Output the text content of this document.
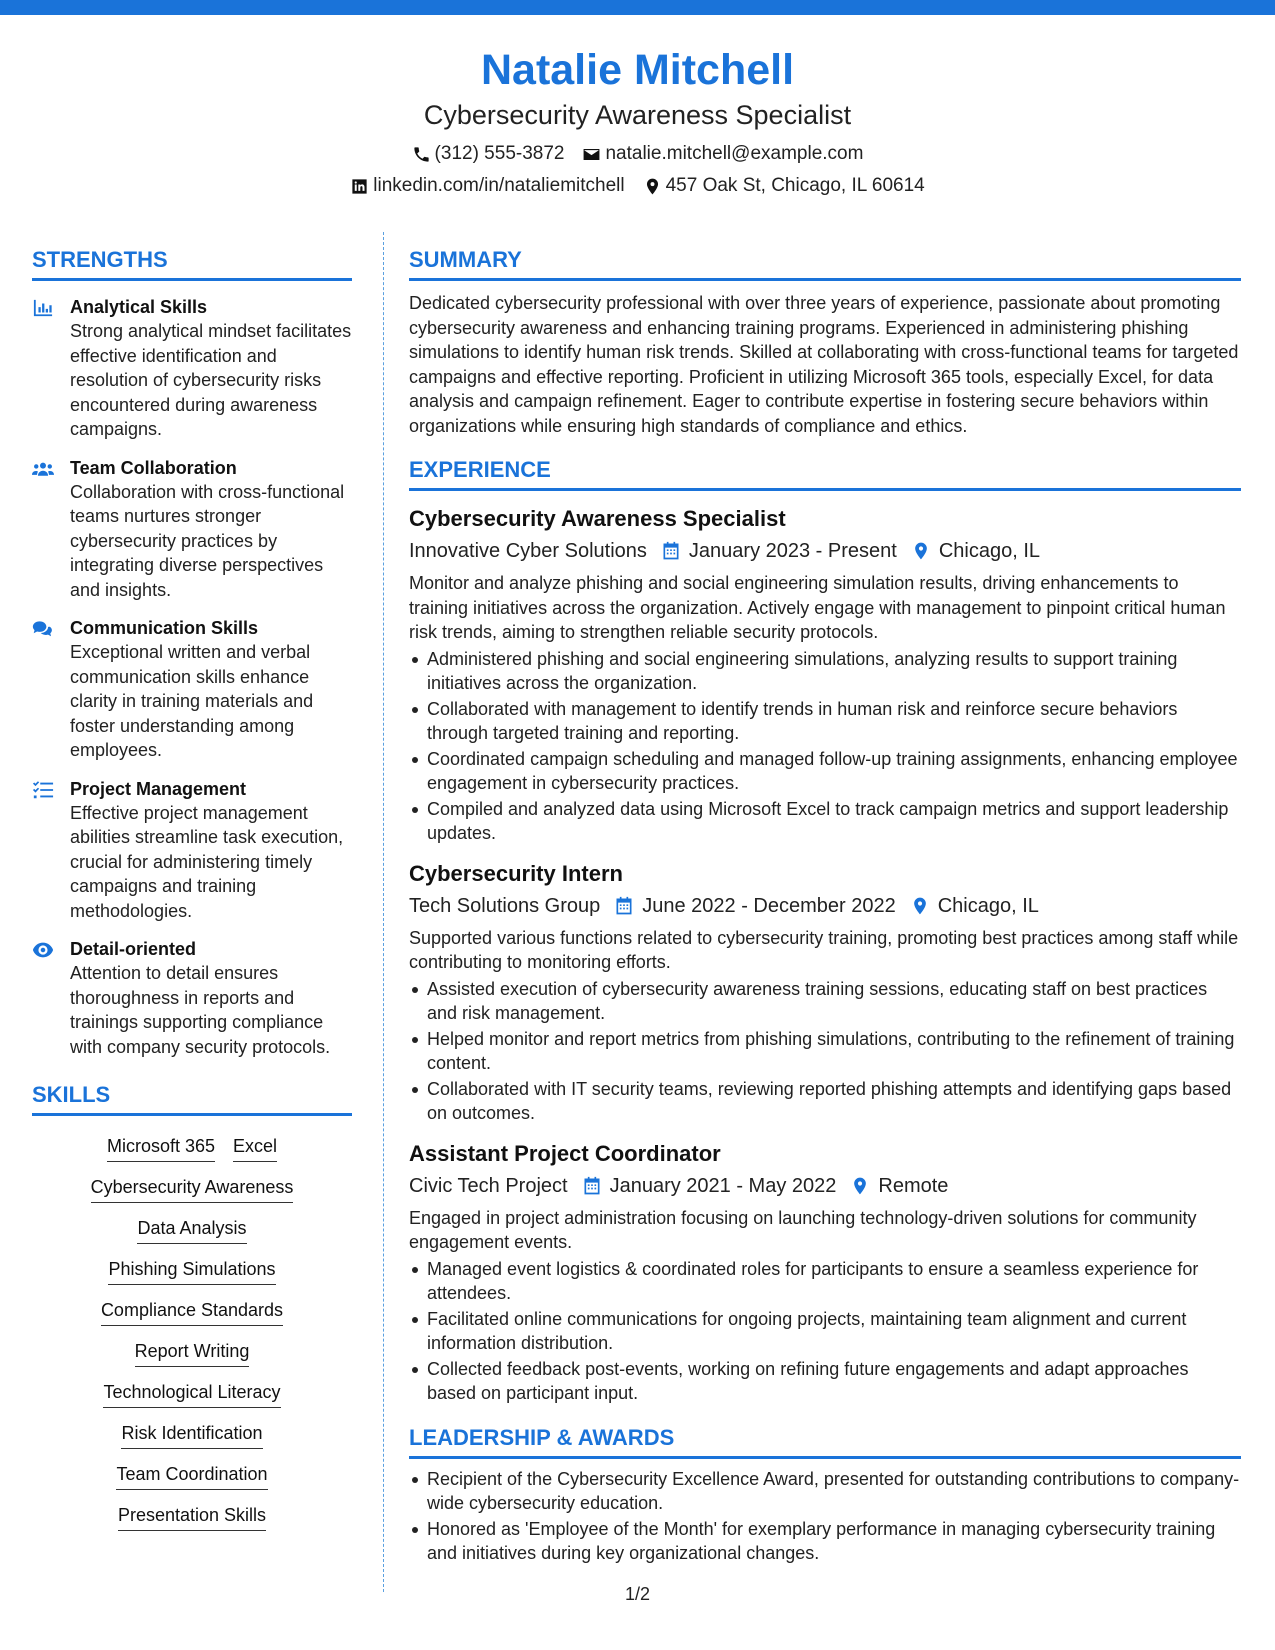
Natalie Mitchell
Cybersecurity Awareness Specialist
(312) 555-3872 natalie.mitchell@example.com
linkedin.com/in/nataliemitchell 457 Oak St, Chicago, IL 60614
STRENGTHS
Analytical Skills
Strong analytical mindset facilitates effective identification and resolution of cybersecurity risks encountered during awareness campaigns.
Team Collaboration
Collaboration with cross-functional teams nurtures stronger cybersecurity practices by integrating diverse perspectives and insights.
Communication Skills
Exceptional written and verbal communication skills enhance clarity in training materials and foster understanding among employees.
Project Management
Effective project management abilities streamline task execution, crucial for administering timely campaigns and training methodologies.
Detail-oriented
Attention to detail ensures thoroughness in reports and trainings supporting compliance with company security protocols.
SKILLS
Microsoft 365 Excel
Cybersecurity Awareness
Data Analysis
Phishing Simulations
Compliance Standards
Report Writing
Technological Literacy
Risk Identification
Team Coordination
Presentation Skills
SUMMARY
Dedicated cybersecurity professional with over three years of experience, passionate about promoting cybersecurity awareness and enhancing training programs. Experienced in administering phishing simulations to identify human risk trends. Skilled at collaborating with cross-functional teams for targeted campaigns and effective reporting. Proficient in utilizing Microsoft 365 tools, especially Excel, for data analysis and campaign refinement. Eager to contribute expertise in fostering secure behaviors within organizations while ensuring high standards of compliance and ethics.
EXPERIENCE
Cybersecurity Awareness Specialist
Innovative Cyber Solutions January 2023 - Present Chicago, IL
Monitor and analyze phishing and social engineering simulation results, driving enhancements to training initiatives across the organization. Actively engage with management to pinpoint critical human risk trends, aiming to strengthen reliable security protocols.
Administered phishing and social engineering simulations, analyzing results to support training initiatives across the organization.
Collaborated with management to identify trends in human risk and reinforce secure behaviors through targeted training and reporting.
Coordinated campaign scheduling and managed follow-up training assignments, enhancing employee engagement in cybersecurity practices.
Compiled and analyzed data using Microsoft Excel to track campaign metrics and support leadership updates.
Cybersecurity Intern
Tech Solutions Group June 2022 - December 2022 Chicago, IL
Supported various functions related to cybersecurity training, promoting best practices among staff while contributing to monitoring efforts.
Assisted execution of cybersecurity awareness training sessions, educating staff on best practices and risk management.
Helped monitor and report metrics from phishing simulations, contributing to the refinement of training content.
Collaborated with IT security teams, reviewing reported phishing attempts and identifying gaps based on outcomes.
Assistant Project Coordinator
Civic Tech Project January 2021 - May 2022 Remote
Engaged in project administration focusing on launching technology-driven solutions for community engagement events.
Managed event logistics & coordinated roles for participants to ensure a seamless experience for attendees.
Facilitated online communications for ongoing projects, maintaining team alignment and current information distribution.
Collected feedback post-events, working on refining future engagements and adapt approaches based on participant input.
LEADERSHIP & AWARDS
Recipient of the Cybersecurity Excellence Award, presented for outstanding contributions to company-wide cybersecurity education.
Honored as 'Employee of the Month' for exemplary performance in managing cybersecurity training and initiatives during key organizational changes.
1/2
